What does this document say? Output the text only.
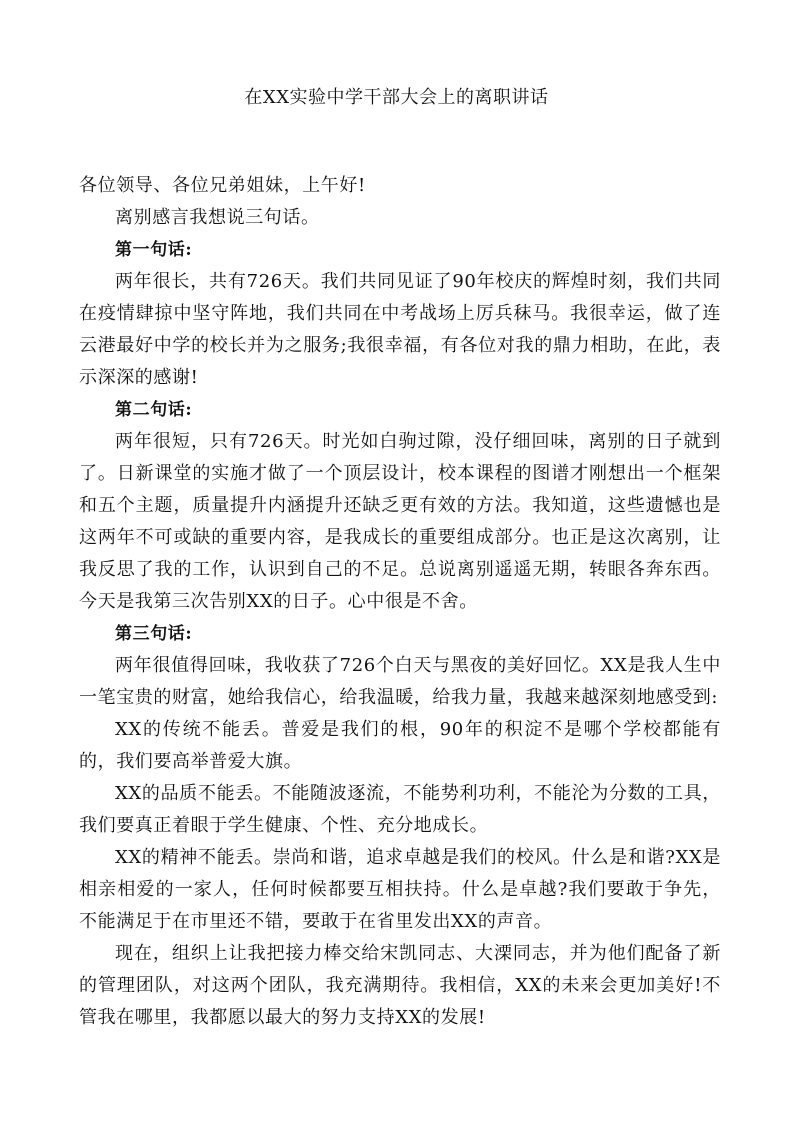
在XX实验中学干部大会上的离职讲话

各位领导、各位兄弟姐妹，上午好!

离别感言我想说三句话。

第一句话:

两年很长，共有726天。我们共同见证了90年校庆的辉煌时刻，我们共同在疫情肆掠中坚守阵地，我们共同在中考战场上厉兵秣马。我很幸运，做了连云港最好中学的校长并为之服务;我很幸福，有各位对我的鼎力相助，在此，表示深深的感谢!

第二句话:

两年很短，只有726天。时光如白驹过隙，没仔细回味，离别的日子就到了。日新课堂的实施才做了一个顶层设计，校本课程的图谱才刚想出一个框架和五个主题，质量提升内涵提升还缺乏更有效的方法。我知道，这些遗憾也是这两年不可或缺的重要内容，是我成长的重要组成部分。也正是这次离别，让我反思了我的工作，认识到自己的不足。总说离别遥遥无期，转眼各奔东西。今天是我第三次告别XX的日子。心中很是不舍。

第三句话:

两年很值得回味，我收获了726个白天与黑夜的美好回忆。XX是我人生中一笔宝贵的财富，她给我信心，给我温暖，给我力量，我越来越深刻地感受到:

XX的传统不能丢。普爱是我们的根，90年的积淀不是哪个学校都能有的，我们要高举普爱大旗。

XX的品质不能丢。不能随波逐流，不能势利功利，不能沦为分数的工具，我们要真正着眼于学生健康、个性、充分地成长。

XX的精神不能丢。崇尚和谐，追求卓越是我们的校风。什么是和谐?XX是相亲相爱的一家人，任何时候都要互相扶持。什么是卓越?我们要敢于争先，不能满足于在市里还不错，要敢于在省里发出XX的声音。

现在，组织上让我把接力棒交给宋凯同志、大溧同志，并为他们配备了新的管理团队，对这两个团队，我充满期待。我相信，XX的未来会更加美好!不管我在哪里，我都愿以最大的努力支持XX的发展!
